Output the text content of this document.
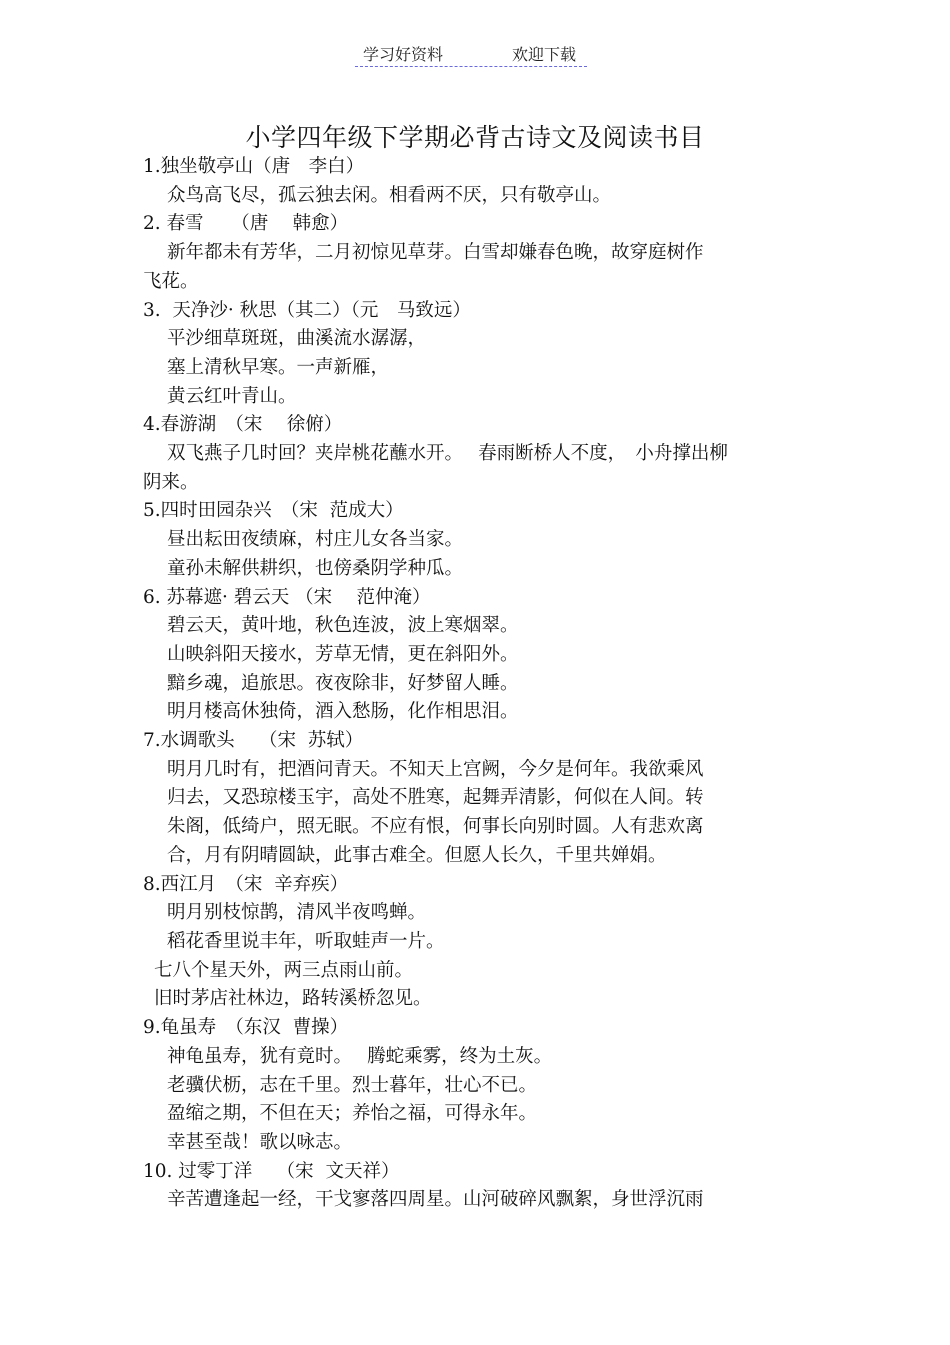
学习好资料	欢迎下载
小学四年级下学期必背古诗文及阅读书目
1.独坐敬亭山（唐　李白）
众鸟高飞尽，孤云独去闲。相看两不厌，只有敬亭山。
2. 春雪　　（唐　 韩愈）
新年都未有芳华，二月初惊见草芽。白雪却嫌春色晚，故穿庭树作
飞花。
3.  天净沙· 秋思（其二）（元　马致远）
平沙细草斑斑，曲溪流水潺潺，
塞上清秋早寒。一声新雁，
黄云红叶青山。
4.春游湖　（宋　 徐俯）
双飞燕子几时回？夹岸桃花蘸水开。　 春雨断桥人不度，　小舟撑出柳
阴来。
5.四时田园杂兴　（宋  范成大）
昼出耘田夜绩麻，村庄儿女各当家。
童孙未解供耕织，也傍桑阴学种瓜。
6. 苏幕遮· 碧云天 （宋　 范仲淹）
碧云天，黄叶地，秋色连波，波上寒烟翠。
山映斜阳天接水，芳草无情，更在斜阳外。
黯乡魂，追旅思。夜夜除非，好梦留人睡。
明月楼高休独倚，酒入愁肠，化作相思泪。
7.水调歌头　 （宋  苏轼）
明月几时有，把酒问青天。不知天上宫阙，今夕是何年。我欲乘风
归去，又恐琼楼玉宇，高处不胜寒，起舞弄清影，何似在人间。转
朱阁，低绮户，照无眠。不应有恨，何事长向别时圆。人有悲欢离
合，月有阴晴圆缺，此事古难全。但愿人长久，千里共婵娟。
8.西江月　（宋  辛弃疾）
明月别枝惊鹊，清风半夜鸣蝉。
稻花香里说丰年，听取蛙声一片。
七八个星天外，两三点雨山前。
旧时茅店社林边，路转溪桥忽见。
9.龟虽寿　（东汉  曹操）
神龟虽寿，犹有竟时。　 腾蛇乘雾，终为土灰。
老骥伏枥，志在千里。烈士暮年，壮心不已。
盈缩之期，不但在天；养怡之福，可得永年。
幸甚至哉！歌以咏志。
10. 过零丁洋　 （宋  文天祥）
辛苦遭逢起一经，干戈寥落四周星。山河破碎风飘絮，身世浮沉雨
